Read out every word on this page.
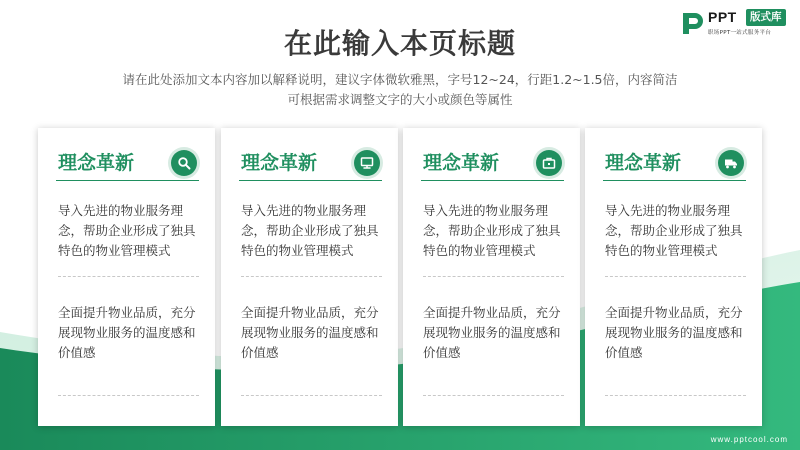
在此输入本页标题
请在此处添加文本内容加以解释说明，建议字体微软雅黑，字号12~24，行距1.2~1.5倍，内容简洁
可根据需求调整文字的大小或颜色等属性
PPT	版式库
职场PPT一站式服务平台
理念革新
导入先进的物业服务理念，帮助企业形成了独具特色的物业管理模式
全面提升物业品质，充分展现物业服务的温度感和价值感
理念革新
导入先进的物业服务理念，帮助企业形成了独具特色的物业管理模式
全面提升物业品质，充分展现物业服务的温度感和价值感
理念革新
导入先进的物业服务理念，帮助企业形成了独具特色的物业管理模式
全面提升物业品质，充分展现物业服务的温度感和价值感
理念革新
导入先进的物业服务理念，帮助企业形成了独具特色的物业管理模式
全面提升物业品质，充分展现物业服务的温度感和价值感
www.pptcool.com
